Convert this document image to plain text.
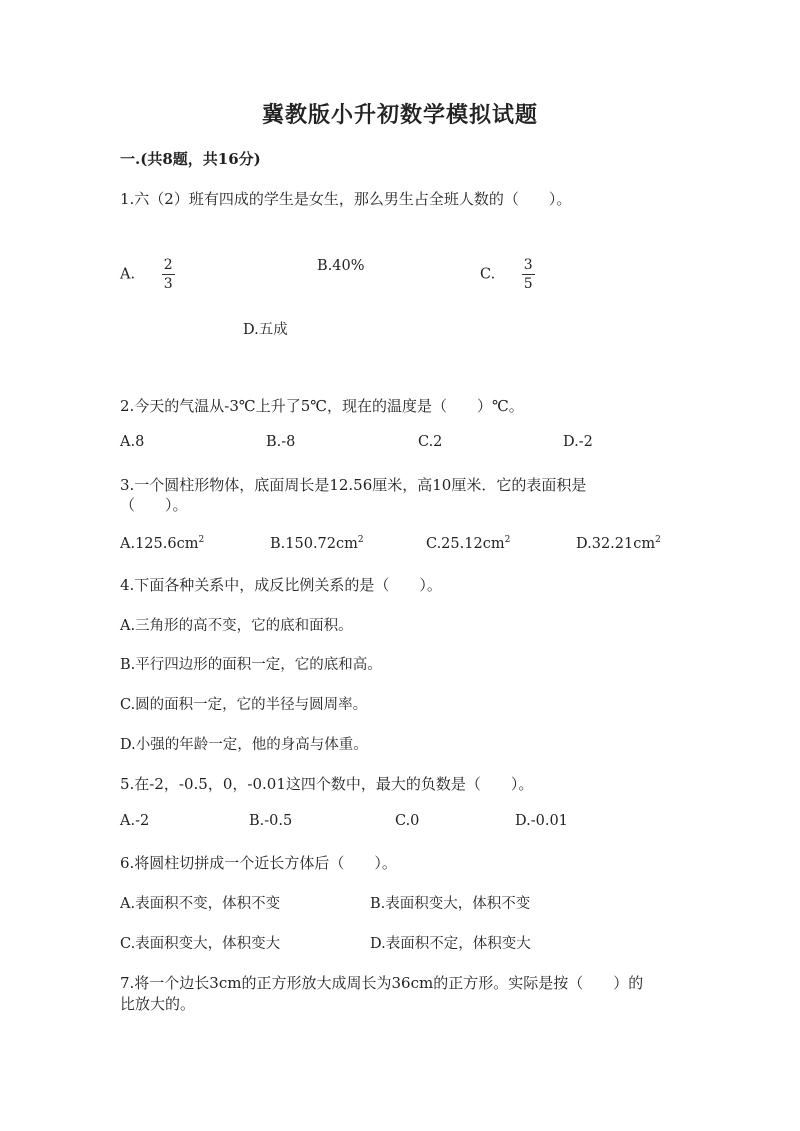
冀教版小升初数学模拟试题
一.(共8题，共16分)
1.六（2）班有四成的学生是女生，那么男生占全班人数的（　　）。
A. $\frac{2}{3}$	B.40%
C. $\frac{3}{5}$
D.五成
2.今天的气温从-3℃上升了5℃，现在的温度是（　　）℃。
A.8	B.-8	C.2	D.-2
3.一个圆柱形物体，底面周长是12.56厘米，高10厘米．它的表面积是
（　　）。
$A.125.6cm^2$	$B.150.72cm^2$	$C.25.12cm^2$	$D.32.21cm^2$
4.下面各种关系中，成反比例关系的是（　　）。
A.三角形的高不变，它的底和面积。
B.平行四边形的面积一定，它的底和高。
C.圆的面积一定，它的半径与圆周率。
D.小强的年龄一定，他的身高与体重。
5.在-2，-0.5，0，-0.01这四个数中，最大的负数是（　　）。
A.-2	B.-0.5	C.0	D.-0.01
6.将圆柱切拼成一个近长方体后（　　）。
A.表面积不变，体积不变	B.表面积变大，体积不变
C.表面积变大，体积变大	D.表面积不定，体积变大
7.将一个边长3cm的正方形放大成周长为36cm的正方形。实际是按（　　）的
比放大的。
